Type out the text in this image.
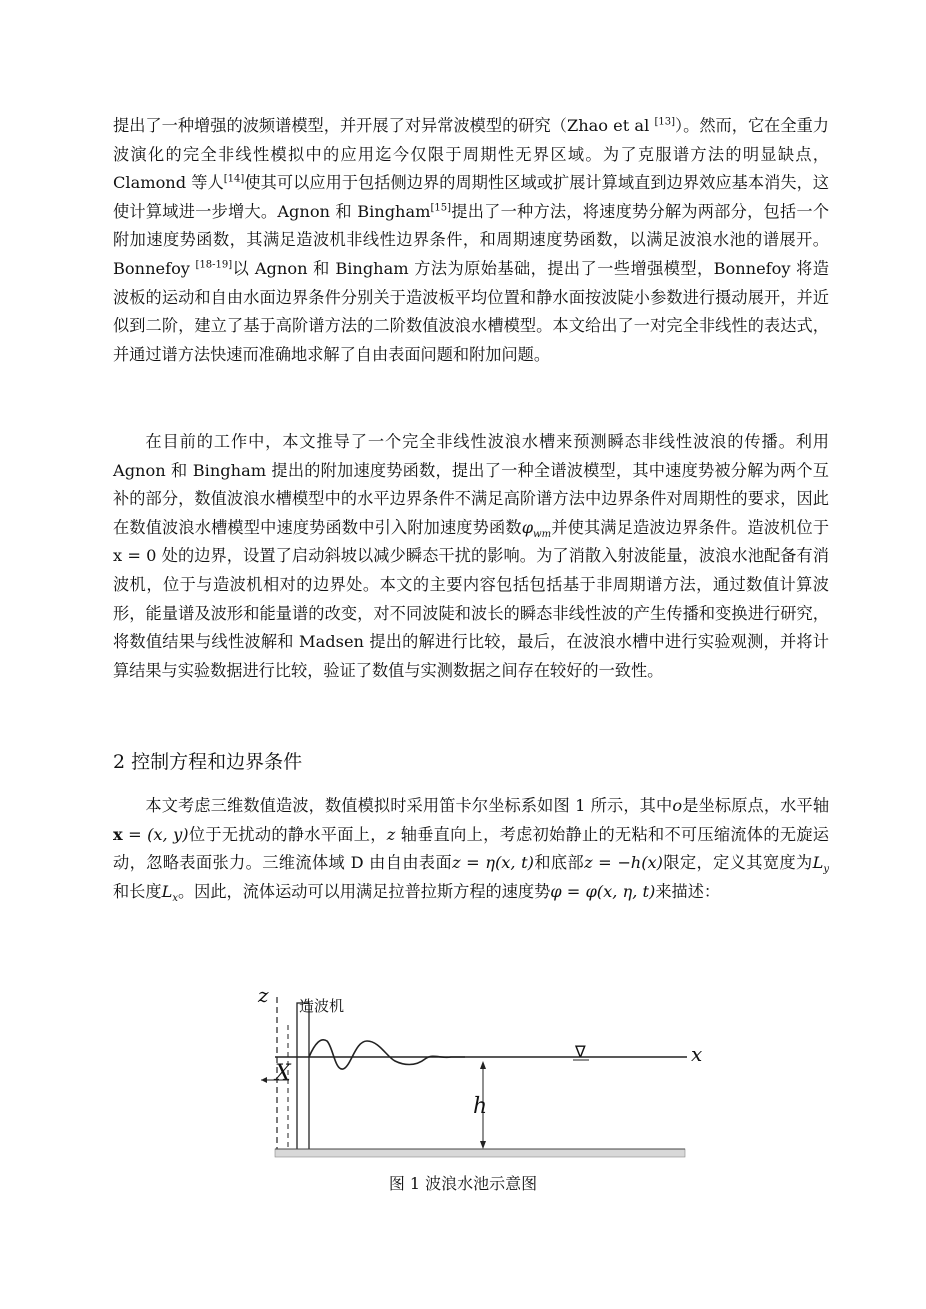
提出了一种增强的波频谱模型，并开展了对异常波模型的研究（Zhao et al [13]）。然而，它在全重力波演化的完全非线性模拟中的应用迄今仅限于周期性无界区域。为了克服谱方法的明显缺点，Clamond 等人[14]使其可以应用于包括侧边界的周期性区域或扩展计算域直到边界效应基本消失，这使计算域进一步增大。Agnon 和 Bingham[15]提出了一种方法，将速度势分解为两部分，包括一个附加速度势函数，其满足造波机非线性边界条件，和周期速度势函数，以满足波浪水池的谱展开。Bonnefoy [18-19]以 Agnon 和 Bingham 方法为原始基础，提出了一些增强模型，Bonnefoy 将造波板的运动和自由水面边界条件分别关于造波板平均位置和静水面按波陡小参数进行摄动展开，并近似到二阶，建立了基于高阶谱方法的二阶数值波浪水槽模型。本文给出了一对完全非线性的表达式，并通过谱方法快速而准确地求解了自由表面问题和附加问题。

在目前的工作中，本文推导了一个完全非线性波浪水槽来预测瞬态非线性波浪的传播。利用 Agnon 和 Bingham 提出的附加速度势函数，提出了一种全谱波模型，其中速度势被分解为两个互补的部分，数值波浪水槽模型中的水平边界条件不满足高阶谱方法中边界条件对周期性的要求，因此在数值波浪水槽模型中速度势函数中引入附加速度势函数$\varphi_{wm}$并使其满足造波边界条件。造波机位于 x = 0 处的边界，设置了启动斜坡以减少瞬态干扰的影响。为了消散入射波能量，波浪水池配备有消波机，位于与造波机相对的边界处。本文的主要内容包括包括基于非周期谱方法，通过数值计算波形，能量谱及波形和能量谱的改变，对不同波陡和波长的瞬态非线性波的产生传播和变换进行研究，将数值结果与线性波解和 Madsen 提出的解进行比较，最后，在波浪水槽中进行实验观测，并将计算结果与实验数据进行比较，验证了数值与实测数据之间存在较好的一致性。

2 控制方程和边界条件

本文考虑三维数值造波，数值模拟时采用笛卡尔坐标系如图 1 所示，其中o是坐标原点，水平轴x = (x, y)位于无扰动的静水平面上，z 轴垂直向上，考虑初始静止的无粘和不可压缩流体的无旋运动，忽略表面张力。三维流体域 D 由自由表面z = η(x, t)和底部z = −h(x)限定，定义其宽度为$L_y$和长度$L_x$。因此，流体运动可以用满足拉普拉斯方程的速度势φ = φ(x, η, t)来描述：

z 造波机
x
∇
X
h
图 1 波浪水池示意图
